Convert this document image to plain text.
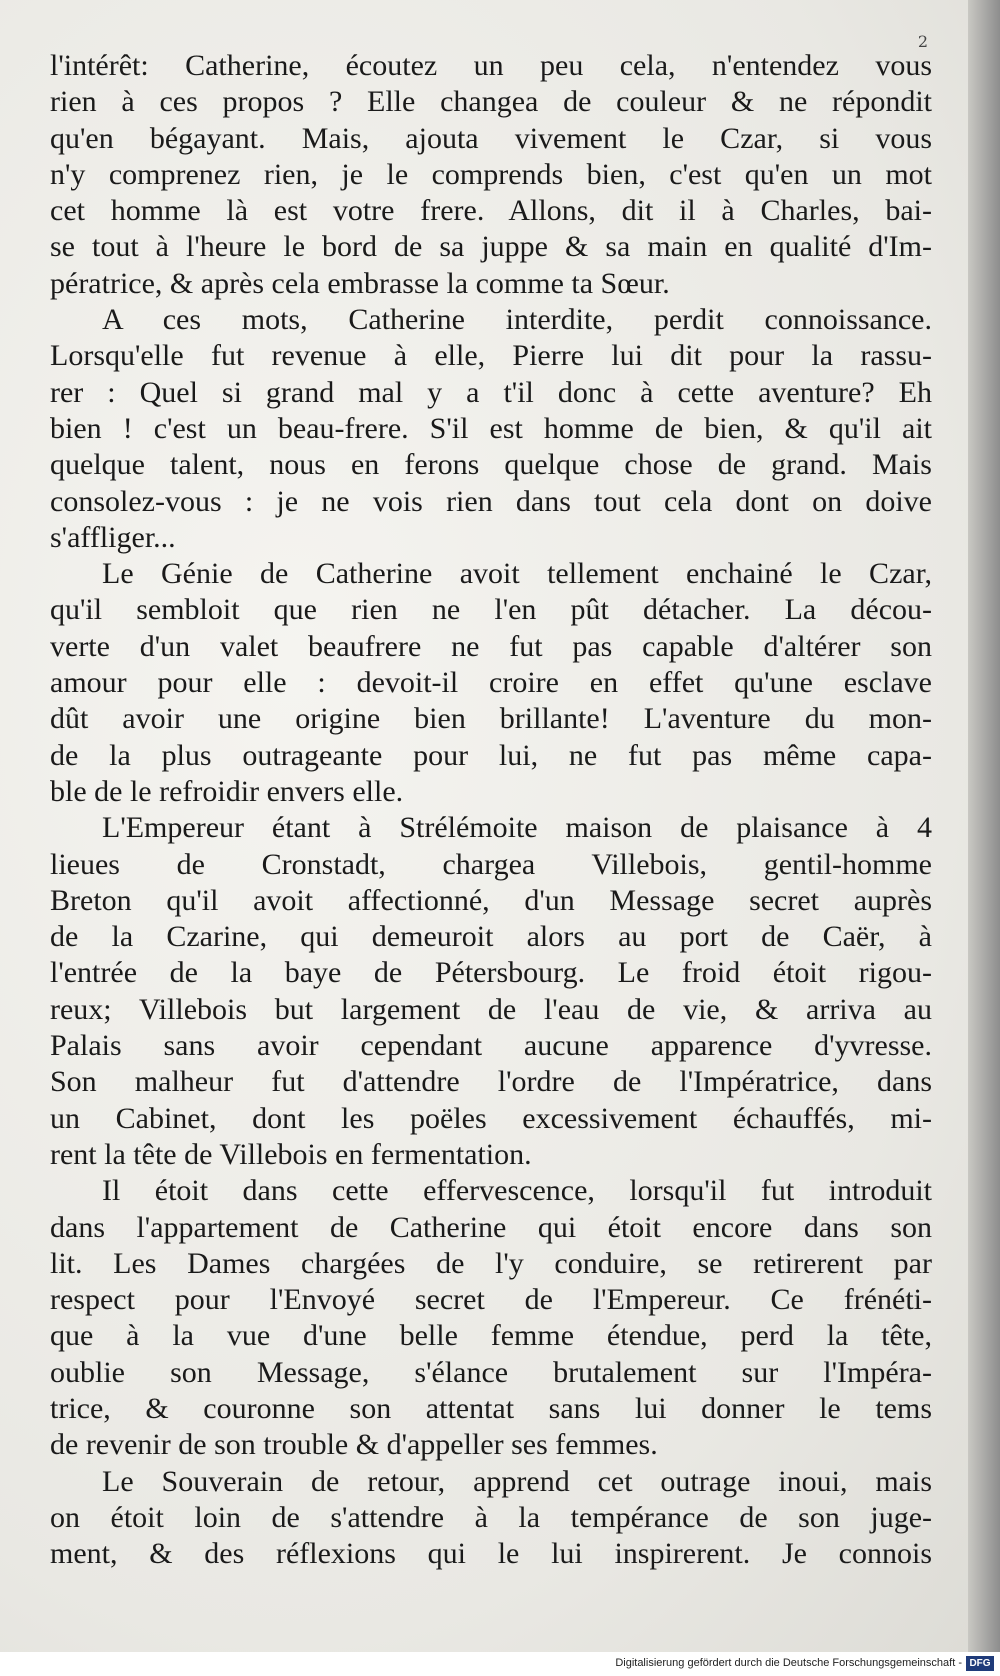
2
l'intérêt: Catherine, écoutez un peu cela, n'entendez vous
rien à ces propos ? Elle changea de couleur & ne répondit
qu'en bégayant. Mais, ajouta vivement le Czar, si vous
n'y comprenez rien, je le comprends bien, c'est qu'en un mot
cet homme là est votre frere. Allons, dit il à Charles, bai-
se tout à l'heure le bord de sa juppe & sa main en qualité d'Im-
pératrice, & après cela embrasse la comme ta Sœur.
A ces mots, Catherine interdite, perdit connoissance.
Lorsqu'elle fut revenue à elle, Pierre lui dit pour la rassu-
rer : Quel si grand mal y a t'il donc à cette aventure? Eh
bien ! c'est un beau-frere. S'il est homme de bien, & qu'il ait
quelque talent, nous en ferons quelque chose de grand. Mais
consolez-vous : je ne vois rien dans tout cela dont on doive
s'affliger...
Le Génie de Catherine avoit tellement enchainé le Czar,
qu'il sembloit que rien ne l'en pût détacher. La décou-
verte d'un valet beaufrere ne fut pas capable d'altérer son
amour pour elle : devoit-il croire en effet qu'une esclave
dût avoir une origine bien brillante! L'aventure du mon-
de la plus outrageante pour lui, ne fut pas même capa-
ble de le refroidir envers elle.
L'Empereur étant à Strélémoite maison de plaisance à 4
lieues de Cronstadt, chargea Villebois, gentil-homme
Breton qu'il avoit affectionné, d'un Message secret auprès
de la Czarine, qui demeuroit alors au port de Caër, à
l'entrée de la baye de Pétersbourg. Le froid étoit rigou-
reux; Villebois but largement de l'eau de vie, & arriva au
Palais sans avoir cependant aucune apparence d'yvresse.
Son malheur fut d'attendre l'ordre de l'Impératrice, dans
un Cabinet, dont les poëles excessivement échauffés, mi-
rent la tête de Villebois en fermentation.
Il étoit dans cette effervescence, lorsqu'il fut introduit
dans l'appartement de Catherine qui étoit encore dans son
lit. Les Dames chargées de l'y conduire, se retirerent par
respect pour l'Envoyé secret de l'Empereur. Ce frénéti-
que à la vue d'une belle femme étendue, perd la tête,
oublie son Message, s'élance brutalement sur l'Impéra-
trice, & couronne son attentat sans lui donner le tems
de revenir de son trouble & d'appeller ses femmes.
Le Souverain de retour, apprend cet outrage inoui, mais
on étoit loin de s'attendre à la tempérance de son juge-
ment, & des réflexions qui le lui inspirerent. Je connois
Digitalisierung gefördert durch die Deutsche Forschungsgemeinschaft - DFG
